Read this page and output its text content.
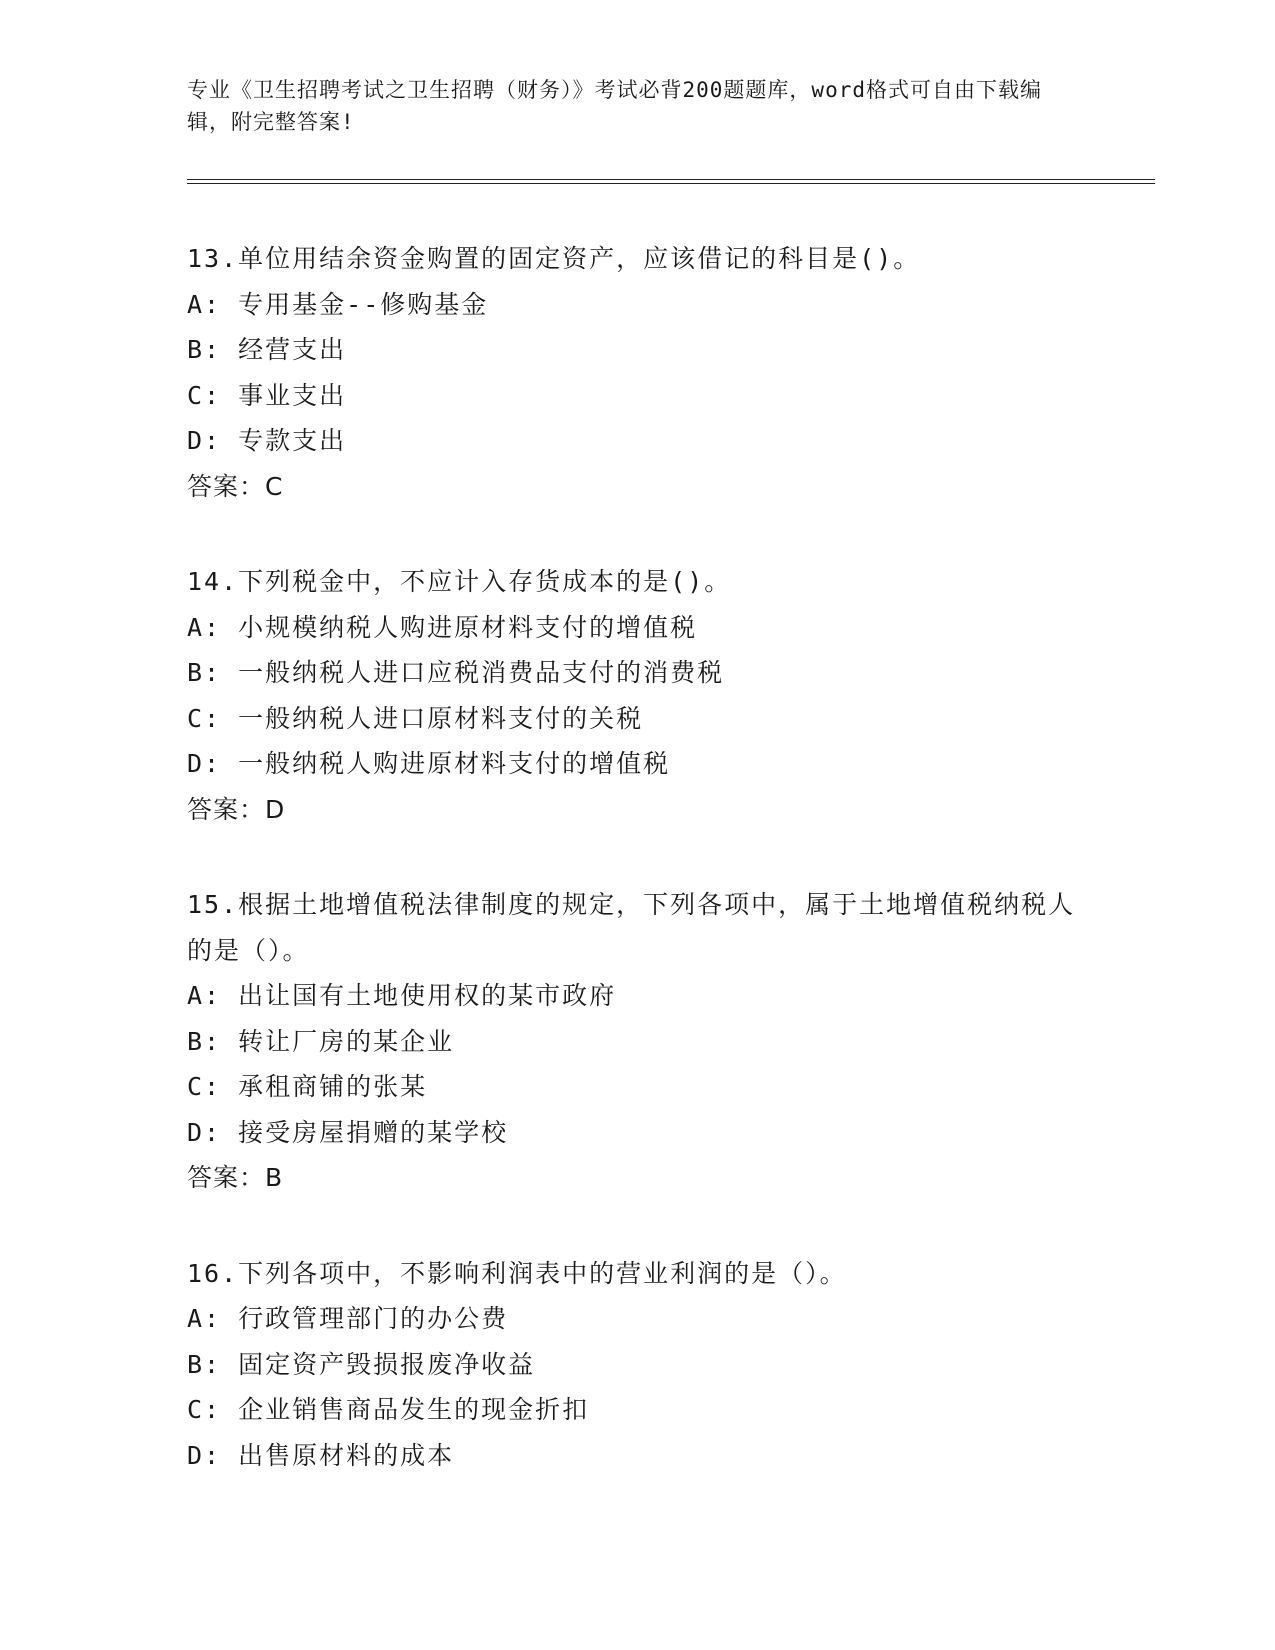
专业《卫生招聘考试之卫生招聘（财务）》考试必背200题题库，word格式可自由下载编辑，附完整答案!
13.单位用结余资金购置的固定资产，应该借记的科目是()。
A: 专用基金--修购基金
B: 经营支出
C: 事业支出
D: 专款支出
答案：C
14.下列税金中，不应计入存货成本的是()。
A: 小规模纳税人购进原材料支付的增值税
B: 一般纳税人进口应税消费品支付的消费税
C: 一般纳税人进口原材料支付的关税
D: 一般纳税人购进原材料支付的增值税
答案：D
15.根据土地增值税法律制度的规定，下列各项中，属于土地增值税纳税人的是（）。
A: 出让国有土地使用权的某市政府
B: 转让厂房的某企业
C: 承租商铺的张某
D: 接受房屋捐赠的某学校
答案：B
16.下列各项中，不影响利润表中的营业利润的是（）。
A: 行政管理部门的办公费
B: 固定资产毁损报废净收益
C: 企业销售商品发生的现金折扣
D: 出售原材料的成本
